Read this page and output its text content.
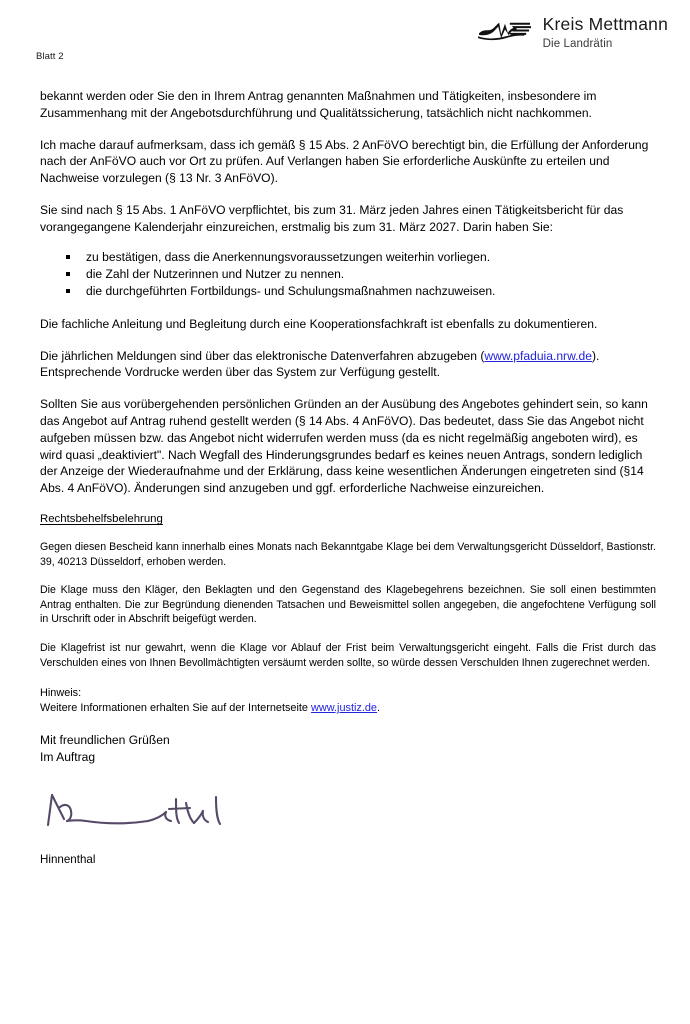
Blatt 2
Kreis Mettmann
Die Landrätin

bekannt werden oder Sie den in Ihrem Antrag genannten Maßnahmen und Tätigkeiten, insbesondere im Zusammenhang mit der Angebotsdurchführung und Qualitätssicherung, tatsächlich nicht nachkommen.

Ich mache darauf aufmerksam, dass ich gemäß § 15 Abs. 2 AnFöVO berechtigt bin, die Erfüllung der Anforderung nach der AnFöVO auch vor Ort zu prüfen. Auf Verlangen haben Sie erforderliche Auskünfte zu erteilen und Nachweise vorzulegen (§ 13 Nr. 3 AnFöVO).

Sie sind nach § 15 Abs. 1 AnFöVO verpflichtet, bis zum 31. März jeden Jahres einen Tätigkeitsbericht für das vorangegangene Kalenderjahr einzureichen, erstmalig bis zum 31. März 2027. Darin haben Sie:

zu bestätigen, dass die Anerkennungsvoraussetzungen weiterhin vorliegen.
die Zahl der Nutzerinnen und Nutzer zu nennen.
die durchgeführten Fortbildungs- und Schulungsmaßnahmen nachzuweisen.

Die fachliche Anleitung und Begleitung durch eine Kooperationsfachkraft ist ebenfalls zu dokumentieren.

Die jährlichen Meldungen sind über das elektronische Datenverfahren abzugeben (www.pfaduia.nrw.de). Entsprechende Vordrucke werden über das System zur Verfügung gestellt.

Sollten Sie aus vorübergehenden persönlichen Gründen an der Ausübung des Angebotes gehindert sein, so kann das Angebot auf Antrag ruhend gestellt werden (§ 14 Abs. 4 AnFöVO). Das bedeutet, dass Sie das Angebot nicht aufgeben müssen bzw. das Angebot nicht widerrufen werden muss (da es nicht regelmäßig angeboten wird), es wird quasi „deaktiviert". Nach Wegfall des Hinderungsgrundes bedarf es keines neuen Antrags, sondern lediglich der Anzeige der Wiederaufnahme und der Erklärung, dass keine wesentlichen Änderungen eingetreten sind (§14 Abs. 4 AnFöVO). Änderungen sind anzugeben und ggf. erforderliche Nachweise einzureichen.

Rechtsbehelfsbelehrung

Gegen diesen Bescheid kann innerhalb eines Monats nach Bekanntgabe Klage bei dem Verwaltungsgericht Düsseldorf, Bastionstr. 39, 40213 Düsseldorf, erhoben werden.

Die Klage muss den Kläger, den Beklagten und den Gegenstand des Klagebegehrens bezeichnen. Sie soll einen bestimmten Antrag enthalten. Die zur Begründung dienenden Tatsachen und Beweismittel sollen angegeben, die angefochtene Verfügung soll in Urschrift oder in Abschrift beigefügt werden.

Die Klagefrist ist nur gewahrt, wenn die Klage vor Ablauf der Frist beim Verwaltungsgericht eingeht. Falls die Frist durch das Verschulden eines von Ihnen Bevollmächtigten versäumt werden sollte, so würde dessen Verschulden Ihnen zugerechnet werden.

Hinweis:
Weitere Informationen erhalten Sie auf der Internetseite www.justiz.de.

Mit freundlichen Grüßen
Im Auftrag

Hinnenthal
